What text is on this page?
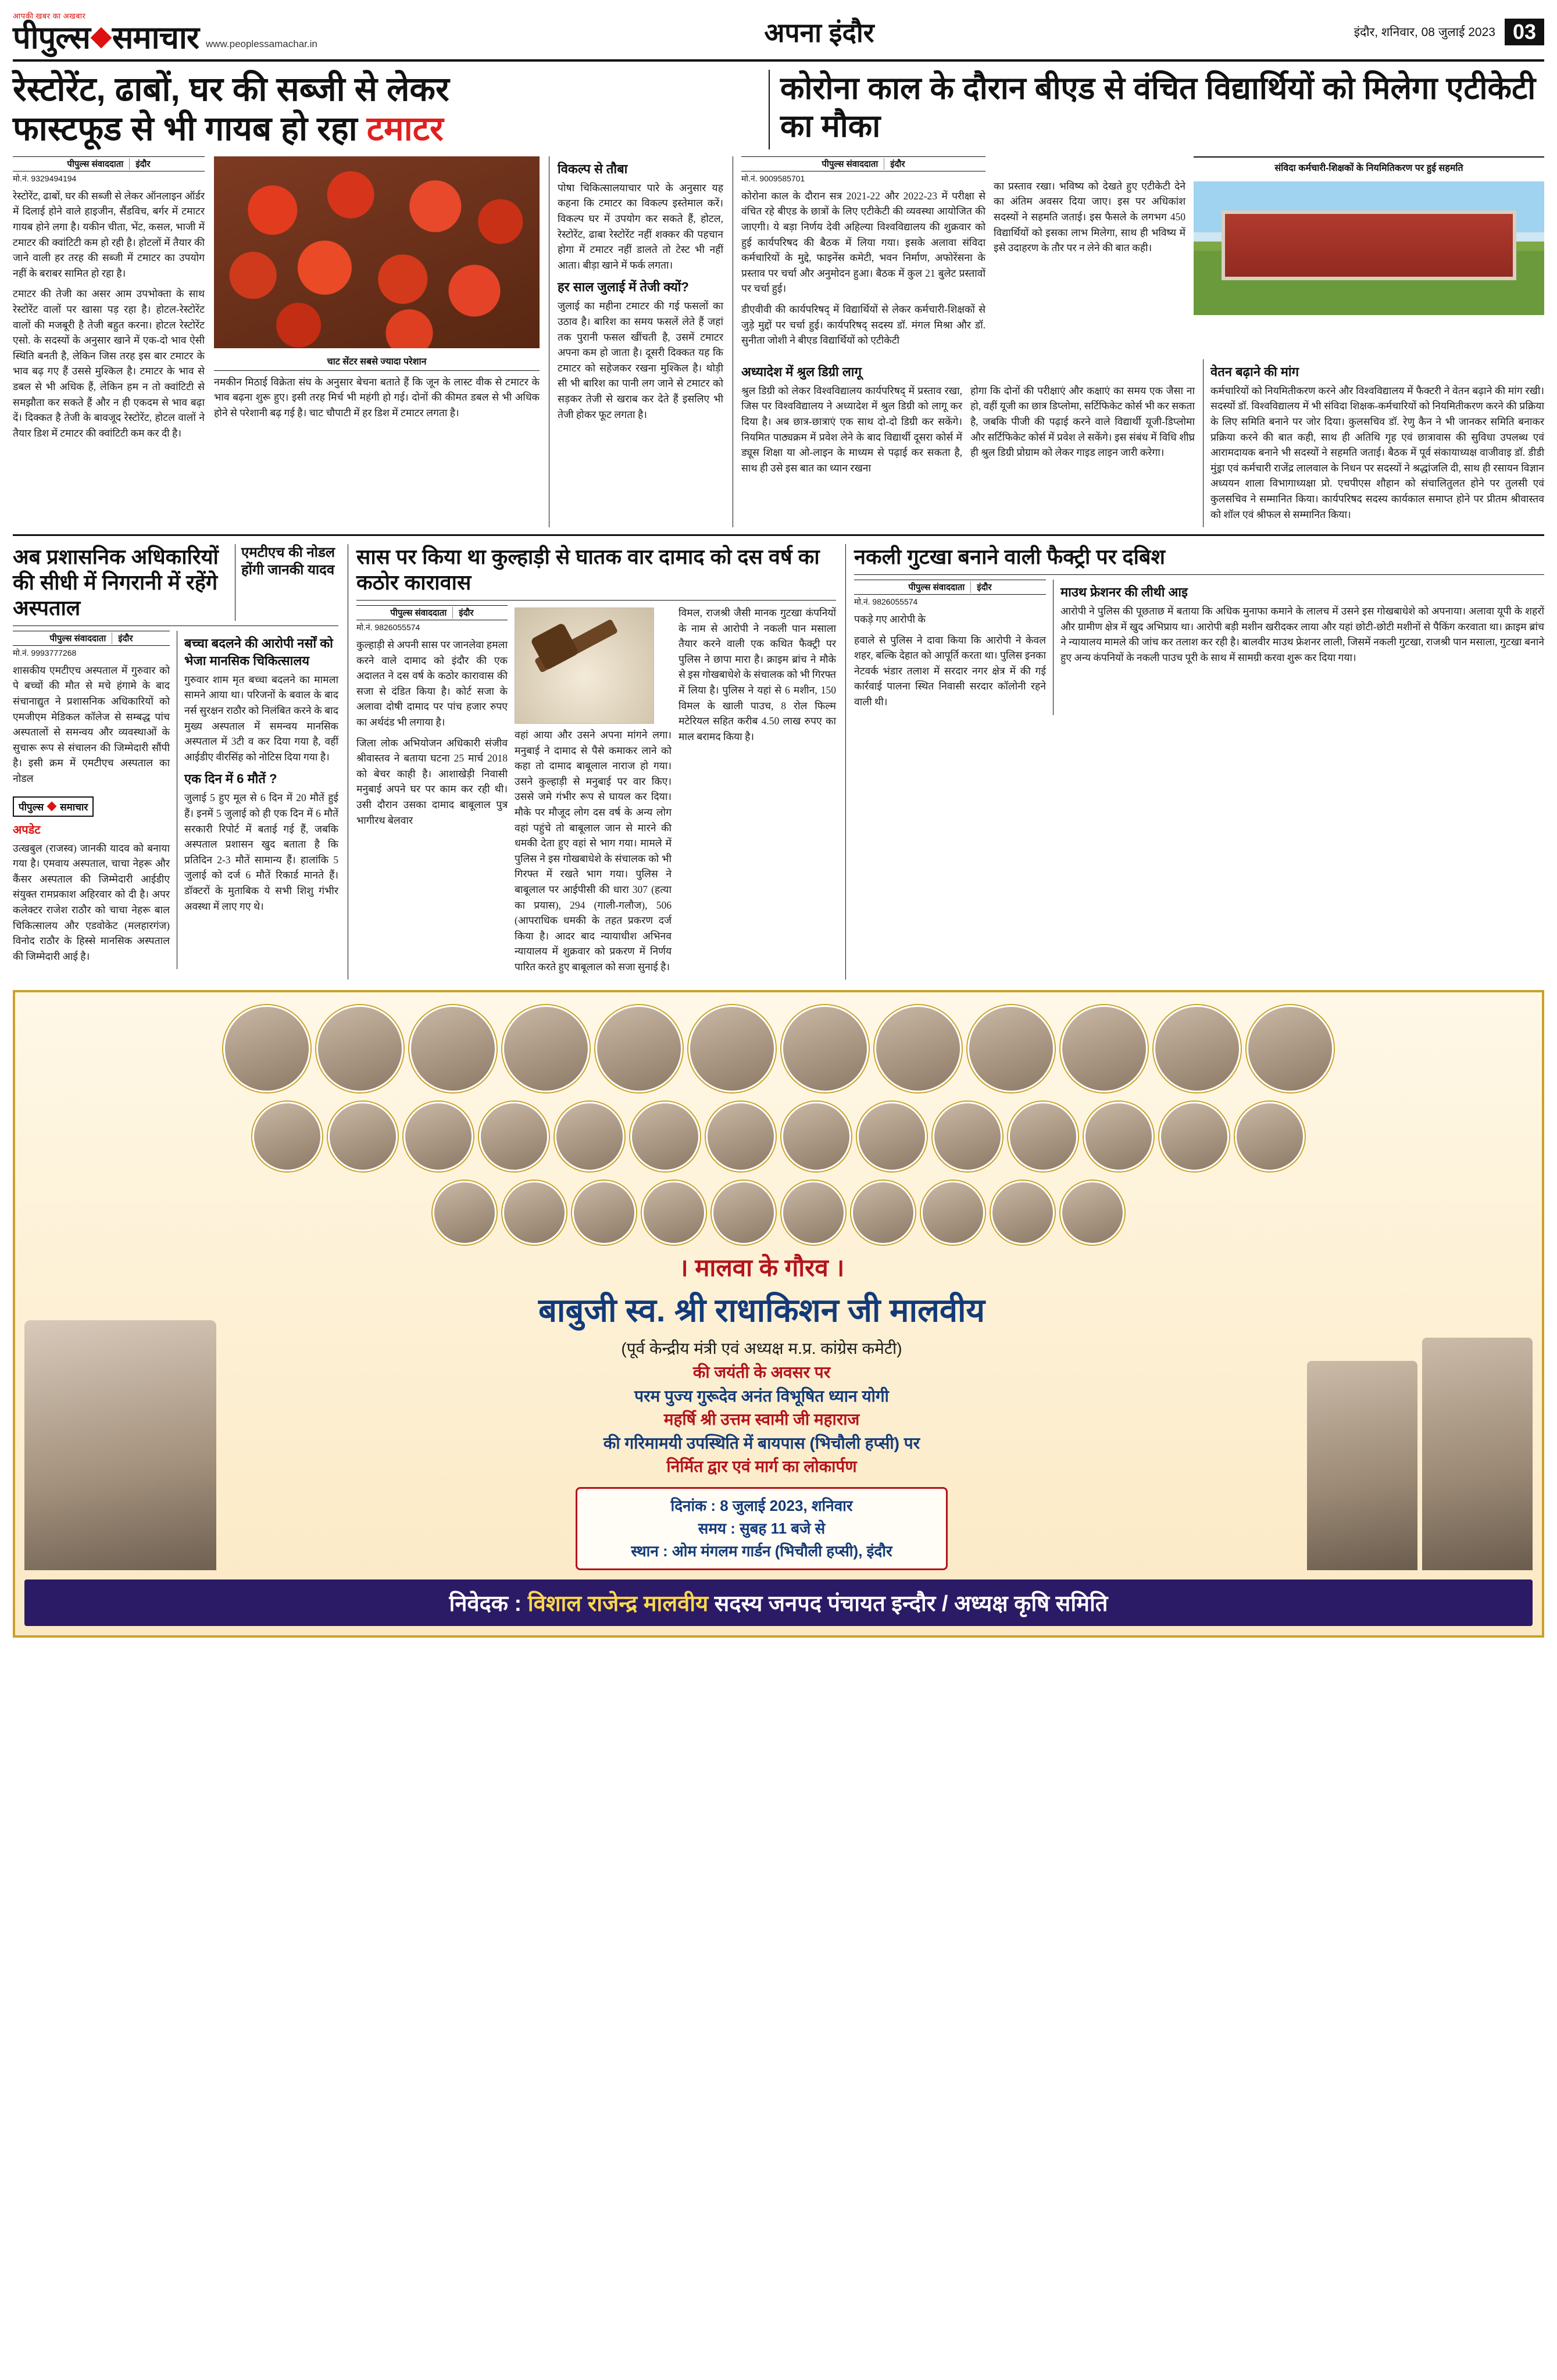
आपकी खबर का अखबार
पीपुल्स समाचार www.peoplessamachar.in	अपना इंदौर	इंदौर, शनिवार, 08 जुलाई 2023 03
रेस्टोरेंट, ढाबों, घर की सब्जी से लेकर
फास्टफूड से भी गायब हो रहा टमाटर
कोरोना काल के दौरान बीएड से वंचित विद्यार्थियों को मिलेगा एटीकेटी का मौका
पीपुल्स संवाददाता	इंदौर
मो.नं. 9329494194

रेस्टोरेंट, ढाबों, घर की सब्जी से लेकर ऑनलाइन ऑर्डर में दिलाई होने वाले हाइजीन, सैंडविच, बर्गर में टमाटर गायब होने लगा है। यकीन चीता, भेंट, कसल, भाजी में टमाटर की क्वांटिटी कम हो रही है। होटलों में तैयार की जाने वाली हर तरह की सब्जी में टमाटर का उपयोग नहीं के बराबर सामित हो रहा है।

टमाटर की तेजी का असर आम उपभोक्ता के साथ रेस्टोरेंट वालों पर खासा पड़ रहा है। होटल-रेस्टोरेंट वालों की मजबूरी है तेजी बहुत करना। होटल रेस्टोरेंट एसो. के सदस्यों के अनुसार खाने में एक-दो भाव ऐसी स्थिति बनती है, लेकिन जिस तरह इस बार टमाटर के भाव बढ़ गए हैं उससे मुश्किल है। टमाटर के भाव से डबल से भी अधिक हैं, लेकिन हम न तो क्वांटिटी से समझौता कर सकते हैं और न ही एकदम से भाव बढ़ा दें। दिक्कत है तेजी के बावजूद रेस्टोरेंट, होटल वालों ने तैयार डिश में टमाटर की क्वांटिटी कम कर दी है।

चाट सेंटर सबसे ज्यादा परेशान

नमकीन मिठाई विक्रेता संघ के अनुसार बेचना बताते हैं कि जून के लास्ट वीक से टमाटर के भाव बढ़ना शुरू हुए। इसी तरह मिर्च भी महंगी हो गई। दोनों की कीमत डबल से भी अधिक होने से परेशानी बढ़ गई है। चाट चौपाटी में हर डिश में टमाटर लगता है।

विकल्प से तौबा

पोषा चिकित्सालयाचार पारे के अनुसार यह कहना कि टमाटर का विकल्प इस्तेमाल करें। विकल्प घर में उपयोग कर सकते हैं, होटल, रेस्टोरेंट, ढाबा रेस्टोरेंट नहीं शक्कर की पहचान होगा में टमाटर नहीं डालते तो टेस्ट भी नहीं आता। बीड़ा खाने में फर्क लगता।

हर साल जुलाई में तेजी क्यों?

जुलाई का महीना टमाटर की गई फसलों का उठाव है। बारिश का समय फसलें लेते हैं जहां तक पुरानी फसल खींचती है, उसमें टमाटर अपना कम हो जाता है। दूसरी दिक्कत यह कि टमाटर को सहेजकर रखना मुश्किल है। थोड़ी सी भी बारिश का पानी लग जाने से टमाटर को सड़कर तेजी से खराब कर देते हैं इसलिए भी तेजी होकर फूट लगता है।

पीपुल्स संवाददाता	इंदौर
मो.नं. 9009585701

कोरोना काल के दौरान सत्र 2021-22 और 2022-23 में परीक्षा से वंचित रहे बीएड के छात्रों के लिए एटीकेटी की व्यवस्था आयोजित की जाएगी। ये बड़ा निर्णय देवी अहिल्या विश्वविद्यालय की शुक्रवार को हुई कार्यपरिषद की बैठक में लिया गया। इसके अलावा संविदा कर्मचारियों के मुद्दे, फाइनेंस कमेटी, भवन निर्माण, अफोरेंसना के प्रस्ताव पर चर्चा और अनुमोदन हुआ। बैठक में कुल 21 बुलेट प्रस्तावों पर चर्चा हुई।

डीएवीवी की कार्यपरिषद् में विद्यार्थियों से लेकर कर्मचारी-शिक्षकों से जुड़े मुद्दों पर चर्चा हुई। कार्यपरिषद् सदस्य डॉ. मंगल मिश्रा और डॉ. सुनीता जोशी ने बीएड विद्यार्थियों को एटीकेटी

का प्रस्ताव रखा। भविष्य को देखते हुए एटीकेटी देने का अंतिम अवसर दिया जाए। इस पर अधिकांश सदस्यों ने सहमति जताई। इस फैसले के लगभग 450 विद्यार्थियों को इसका लाभ मिलेगा, साथ ही भविष्य में इसे उदाहरण के तौर पर न लेने की बात कही।

संविदा कर्मचारी-शिक्षकों के नियमितिकरण पर हुई सहमति
अध्यादेश में श्रुल डिग्री लागू

श्रुल डिग्री को लेकर विश्वविद्यालय कार्यपरिषद् में प्रस्ताव रखा, जिस पर विश्वविद्यालय ने अध्यादेश में श्रुल डिग्री को लागू कर दिया है। अब छात्र-छात्राएं एक साथ दो-दो डिग्री कर सकेंगे। नियमित पाठ्यक्रम में प्रवेश लेने के बाद विद्यार्थी दूसरा कोर्स में ड्यूस शिक्षा या ओ-लाइन के माध्यम से पढ़ाई कर सकता है, साथ ही उसे इस बात का ध्यान रखना

होगा कि दोनों की परीक्षाएं और कक्षाएं का समय एक जैसा ना हो, वहीं यूजी का छात्र डिप्लोमा, सर्टिफिकेट कोर्स भी कर सकता है, जबकि पीजी की पढ़ाई करने वाले विद्यार्थी यूजी-डिप्लोमा और सर्टिफिकेट कोर्स में प्रवेश ले सकेंगे। इस संबंध में विधि शीघ्र ही श्रुल डिग्री प्रोग्राम को लेकर गाइड लाइन जारी करेगा।

वेतन बढ़ाने की मांग

कर्मचारियों को नियमितीकरण करने और विश्वविद्यालय में फैक्टरी ने वेतन बढ़ाने की मांग रखी। सदस्यों डॉ. विश्वविद्यालय में भी संविदा शिक्षक-कर्मचारियों को नियमितीकरण करने की प्रक्रिया के लिए समिति बनाने पर जोर दिया। कुलसचिव डॉ. रेणु कैन ने भी जानकर समिति बनाकर प्रक्रिया करने की बात कही, साथ ही अतिथि गृह एवं छात्रावास की सुविधा उपलब्ध एवं आरामदायक बनाने भी सदस्यों ने सहमति जताई। बैठक में पूर्व संकायाध्यक्ष वाजीवाइ डॉ. डीडी मुंड्रा एवं कर्मचारी राजेंद्र लालवाल के निधन पर सदस्यों ने श्रद्धांजलि दी, साथ ही रसायन विज्ञान अध्ययन शाला विभागाध्यक्षा प्रो. एचपीएस शौहान को संचालितुलत होने पर तुलसी एवं कुलसचिव ने सम्मानित किया। कार्यपरिषद सदस्य कार्यकाल समाप्त होने पर प्रीतम श्रीवास्तव को शॉल एवं श्रीफल से सम्मानित किया।

अब प्रशासनिक अधिकारियों की सीधी में निगरानी में रहेंगे अस्पताल
एमटीएच की नोडल होंगी जानकी यादव
पीपुल्स संवाददाता	इंदौर
मो.नं. 9993777268

शासकीय एमटीएच अस्पताल में गुरुवार को पे बच्चों की मौत से मचे हंगामे के बाद संचानाद्युत ने प्रशासनिक अधिकारियों को एमजीएम मेडिकल कॉलेज से सम्बद्ध पांच अस्पतालों से समन्वय और व्यवस्थाओं के सुचारू रूप से संचालन की जिम्मेदारी सौंपी है। इसी क्रम में एमटीएच अस्पताल का नोडल

पीपुल्स समाचार
अपडेट

उत्खबुल (राजस्व) जानकी यादव को बनाया गया है। एमवाय अस्पताल, चाचा नेहरू और कैंसर अस्पताल की जिम्मेदारी आईडीए संयुक्त रामप्रकाश अहिरवार को दी है। अपर कलेक्टर राजेश राठौर को चाचा नेहरू बाल चिकित्सालय और एडवोकेट (मलहारगंज) विनोद राठौर के हिस्से मानसिक अस्पताल की जिम्मेदारी आई है।

बच्चा बदलने की आरोपी नर्सों को भेजा मानसिक चिकित्सालय

गुरुवार शाम मृत बच्चा बदलने का मामला सामने आया था। परिजनों के बवाल के बाद नर्स सुरक्षन राठौर को निलंबित करने के बाद मुख्य अस्पताल में समन्वय मानसिक अस्पताल में 3टी व कर दिया गया है, वहीं आईडीए वीरसिंह को नोटिस दिया गया है।

एक दिन में 6 मौतें ?

जुलाई 5 हुए मूल से 6 दिन में 20 मौतें हुई हैं। इनमें 5 जुलाई को ही एक दिन में 6 मौतें सरकारी रिपोर्ट में बताई गई हैं, जबकि अस्पताल प्रशासन खुद बताता है कि प्रतिदिन 2-3 मौतें सामान्य हैं। हालांकि 5 जुलाई को दर्ज 6 मौतें रिकार्ड मानते हैं। डॉक्टरों के मुताबिक ये सभी शिशु गंभीर अवस्था में लाए गए थे।

सास पर किया था कुल्हाड़ी से घातक वार दामाद को दस वर्ष का कठोर कारावास
पीपुल्स संवाददाता	इंदौर
मो.नं. 9826055574

कुल्हाड़ी से अपनी सास पर जानलेवा हमला करने वाले दामाद को इंदौर की एक अदालत ने दस वर्ष के कठोर कारावास की सजा से दंडित किया है। कोर्ट सजा के अलावा दोषी दामाद पर पांच हजार रुपए का अर्थदंड भी लगाया है।

जिला लोक अभियोजन अधिकारी संजीव श्रीवास्तव ने बताया घटना 25 मार्च 2018 को बेचर काही है। आशाखेड़ी निवासी मनुबाई अपने घर पर काम कर रही थी। उसी दौरान उसका दामाद बाबूलाल पुत्र भागीरथ बेलवार

वहां आया और उसने अपना मांगने लगा। मनुबाई ने दामाद से पैसे कमाकर लाने को कहा तो दामाद बाबूलाल नाराज हो गया। उसने कुल्हाड़ी से मनुबाई पर वार किए। उससे जमे गंभीर रूप से घायल कर दिया। मौके पर मौजूद लोग दस वर्ष के अन्य लोग वहां पहुंचे तो बाबूलाल जान से मारने की धमकी देता हुए वहां से भाग गया। मामले में पुलिस ने इस गोखबाधेशे के संचालक को भी गिरफ्त में रखते भाग गया। पुलिस ने बाबूलाल पर आईपीसी की धारा 307 (हत्या का प्रयास), 294 (गाली-गलौज), 506 (आपराधिक धमकी के तहत प्रकरण दर्ज किया है। आदर बाद न्यायाधीश अभिनव न्यायालय में शुक्रवार को प्रकरण में निर्णय पारित करते हुए बाबूलाल को सजा सुनाई है।

विमल, राजश्री जैसी मानक गुटखा कंपनियों के नाम से आरोपी ने नकली पान मसाला तैयार करने वाली एक कथित फैक्ट्री पर पुलिस ने छापा मारा है। क्राइम ब्रांच ने मौके से इस गोखबाधेशे के संचालक को भी गिरफ्त में लिया है। पुलिस ने यहां से 6 मशीन, 150 विमल के खाली पाउच, 8 रोल फिल्म मटेरियल सहित करीब 4.50 लाख रुपए का माल बरामद किया है।

नकली गुटखा बनाने वाली फैक्ट्री पर दबिश
पीपुल्स संवाददाता	इंदौर
मो.नं. 9826055574

पकड़े गए आरोपी के

हवाले से पुलिस ने दावा किया कि आरोपी ने केवल शहर, बल्कि देहात को आपूर्ति करता था। पुलिस इनका नेटवर्क भंडार तलाश में सरदार नगर क्षेत्र में की गई कार्रवाई पालना स्थित निवासी सरदार कॉलोनी रहने वाली थी।

माउथ फ्रेशनर की लीथी आइ

आरोपी ने पुलिस की पूछताछ में बताया कि अधिक मुनाफा कमाने के लालच में उसने इस गोखबाधेशे को अपनाया। अलावा यूपी के शहरों और ग्रामीण क्षेत्र में खुद अभिप्राय था। आरोपी बड़ी मशीन खरीदकर लाया और यहां छोटी-छोटी मशीनों से पैकिंग करवाता था। क्राइम ब्रांच ने न्यायालय मामले की जांच कर तलाश कर रही है। बालवीर माउथ फ्रेशनर लाली, जिसमें नकली गुटखा, राजश्री पान मसाला, गुटखा बनाने हुए अन्य कंपनियों के नकली पाउच पूरी के साथ में सामग्री करवा शुरू कर दिया गया।

। मालवा के गौरव ।
बाबुजी स्व. श्री राधाकिशन जी मालवीय
(पूर्व केन्द्रीय मंत्री एवं अध्यक्ष म.प्र. कांग्रेस कमेटी)
की जयंती के अवसर पर
परम पुज्य गुरूदेव अनंत विभूषित ध्यान योगी
महर्षि श्री उत्तम स्वामी जी महाराज
की गरिमामयी उपस्थिति में बायपास (भिचौली हप्सी) पर
निर्मित द्वार एवं मार्ग का लोकार्पण
दिनांक : 8 जुलाई 2023, शनिवार
समय : सुबह 11 बजे से
स्थान : ओम मंगलम गार्डन (भिचौली हप्सी), इंदौर
निवेदक : विशाल राजेन्द्र मालवीय सदस्य जनपद पंचायत इन्दौर / अध्यक्ष कृषि समिति
